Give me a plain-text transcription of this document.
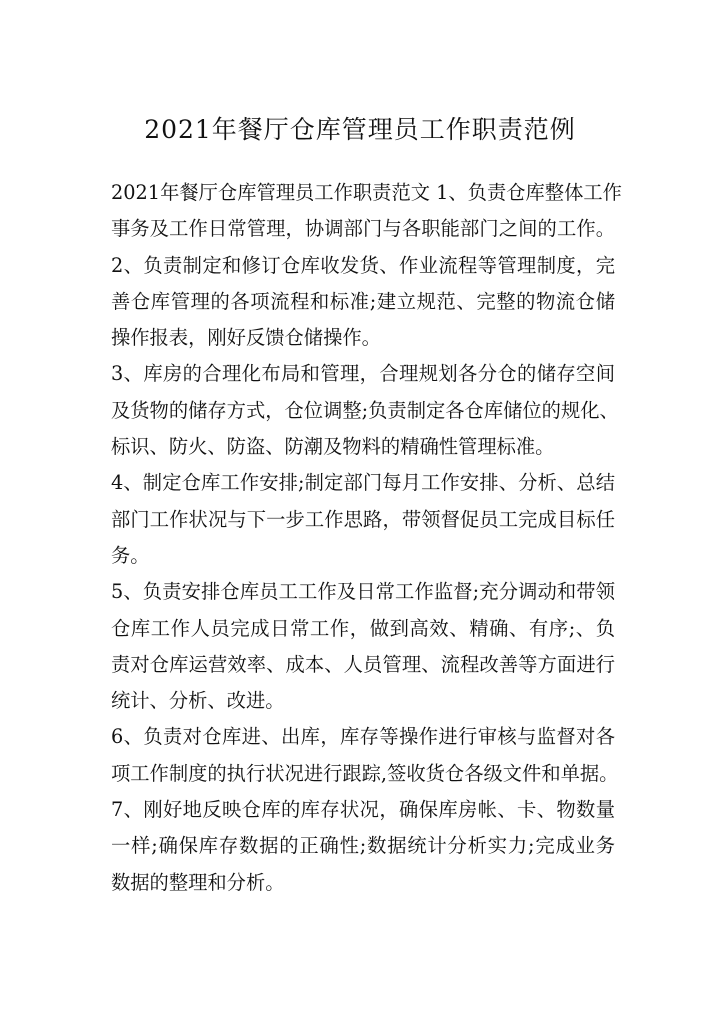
2021年餐厅仓库管理员工作职责范例
2021年餐厅仓库管理员工作职责范文 1、负责仓库整体工作
事务及工作日常管理，协调部门与各职能部门之间的工作。
2、负责制定和修订仓库收发货、作业流程等管理制度，完
善仓库管理的各项流程和标准;建立规范、完整的物流仓储
操作报表，刚好反馈仓储操作。
3、库房的合理化布局和管理，合理规划各分仓的储存空间
及货物的储存方式，仓位调整;负责制定各仓库储位的规化、
标识、防火、防盗、防潮及物料的精确性管理标准。
4、制定仓库工作安排;制定部门每月工作安排、分析、总结
部门工作状况与下一步工作思路，带领督促员工完成目标任
务。
5、负责安排仓库员工工作及日常工作监督;充分调动和带领
仓库工作人员完成日常工作，做到高效、精确、有序;、负
责对仓库运营效率、成本、人员管理、流程改善等方面进行
统计、分析、改进。
6、负责对仓库进、出库，库存等操作进行审核与监督对各
项工作制度的执行状况进行跟踪,签收货仓各级文件和单据。
7、刚好地反映仓库的库存状况，确保库房帐、卡、物数量
一样;确保库存数据的正确性;数据统计分析实力;完成业务
数据的整理和分析。
